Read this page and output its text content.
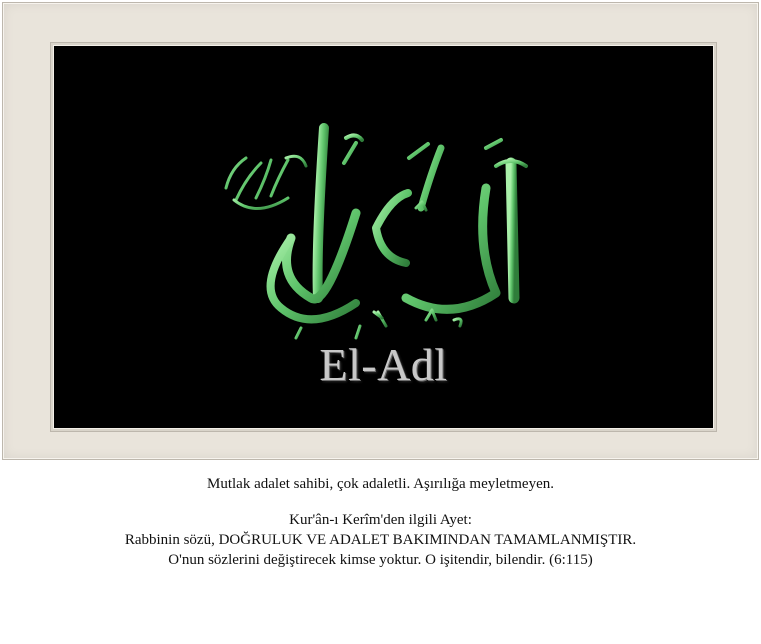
El-Adl

Mutlak adalet sahibi, çok adaletli. Aşırılığa meyletmeyen.

Kur'ân-ı Kerîm'den ilgili Ayet:

Rabbinin sözü, DOĞRULUK VE ADALET BAKIMINDAN TAMAMLANMIŞTIR.

O'nun sözlerini değiştirecek kimse yoktur. O işitendir, bilendir. (6:115)
